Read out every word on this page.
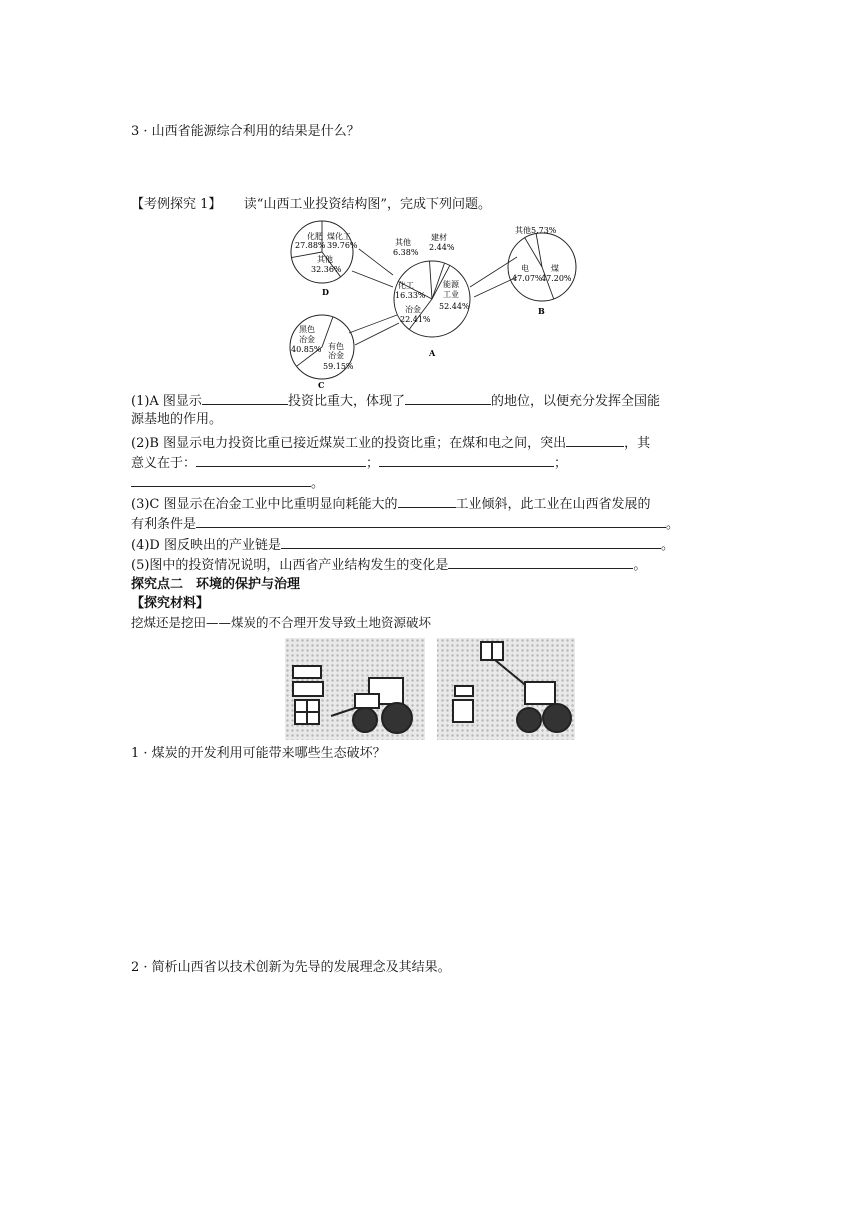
3 · 山西省能源综合利用的结果是什么？
【考例探究 1】 读“山西工业投资结构图”，完成下列问题。
化肥
27.88%
煤化工
39.76%
其他
32.36%
D
其他
6.38%
建材
2.44%
能源
工业
52.44%
化工
16.33%
冶金
22.41%
A
其他5.73%
电
47.07%
煤
47.20%
B
黑色
冶金
40.85% 有色
冶金
59.15%
C
(1)A 图显示	投资比重大，体现了	的地位，以便充分发挥全国能
源基地的作用。
(2)B 图显示电力投资比重已接近煤炭工业的投资比重；在煤和电之间，突出	，其
意义在于：	；	；
。
(3)C 图显示在冶金工业中比重明显向耗能大的	工业倾斜，此工业在山西省发展的
有利条件是	。
(4)D 图反映出的产业链是	。
(5)图中的投资情况说明，山西省产业结构发生的变化是	。
探究点二　环境的保护与治理
【探究材料】
挖煤还是挖田——煤炭的不合理开发导致土地资源破坏
1 · 煤炭的开发利用可能带来哪些生态破坏？
2 · 简析山西省以技术创新为先导的发展理念及其结果。
